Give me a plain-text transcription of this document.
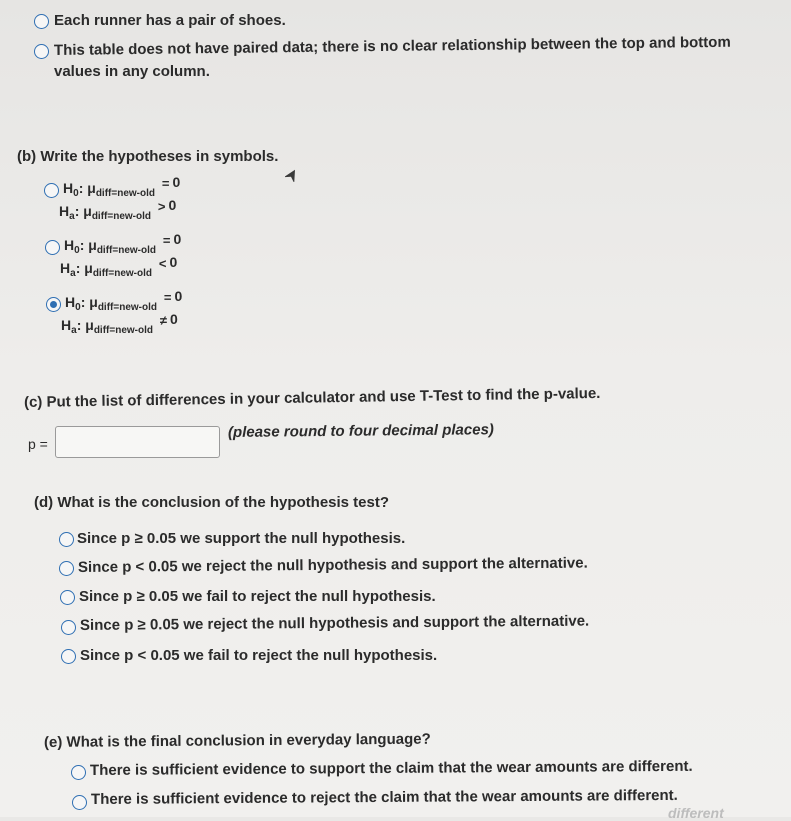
Each runner has a pair of shoes.
This table does not have paired data; there is no clear relationship between the top and bottom
values in any column.
(b) Write the hypotheses in symbols.
$H_0$: $\mu_{diff=new-old} = 0$
$H_a$: $\mu_{diff=new-old} > 0$
$H_0$: $\mu_{diff=new-old} = 0$
$H_a$: $\mu_{diff=new-old} < 0$
$H_0$: $\mu_{diff=new-old} = 0$
$H_a$: $\mu_{diff=new-old} \ne 0$
(c) Put the list of differences in your calculator and use T-Test to find the p-value.
p =
(please round to four decimal places)
(d) What is the conclusion of the hypothesis test?
Since p ≥ 0.05 we support the null hypothesis.
Since p < 0.05 we reject the null hypothesis and support the alternative.
Since p ≥ 0.05 we fail to reject the null hypothesis.
Since p ≥ 0.05 we reject the null hypothesis and support the alternative.
Since p < 0.05 we fail to reject the null hypothesis.
(e) What is the final conclusion in everyday language?
There is sufficient evidence to support the claim that the wear amounts are different.
There is sufficient evidence to reject the claim that the wear amounts are different.
different
